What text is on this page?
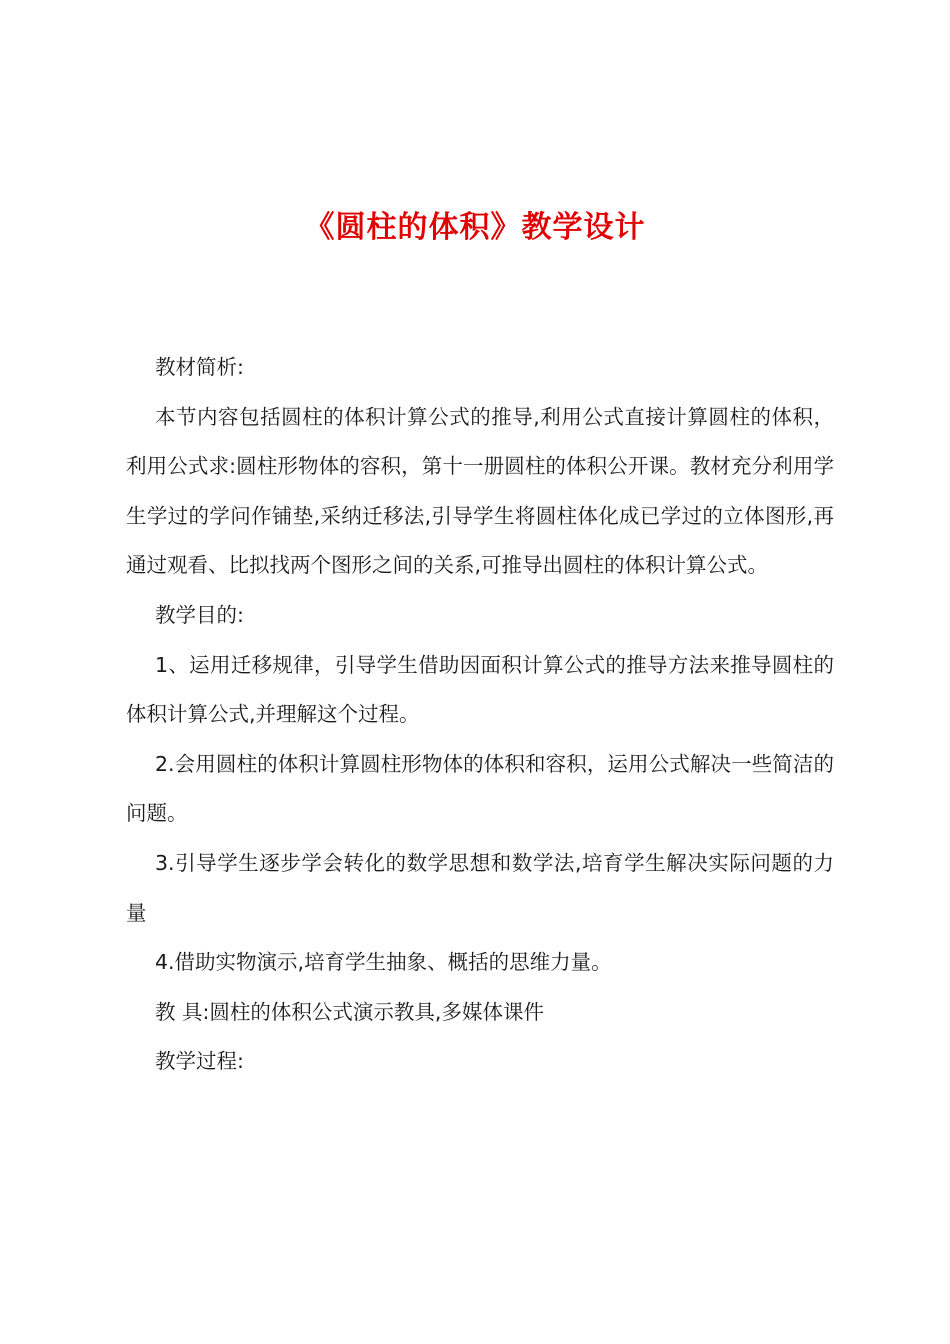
《圆柱的体积》教学设计

教材简析:

本节内容包括圆柱的体积计算公式的推导,利用公式直接计算圆柱的体积，利用公式求:圆柱形物体的容积，第十一册圆柱的体积公开课。教材充分利用学生学过的学问作铺垫,采纳迁移法,引导学生将圆柱体化成已学过的立体图形,再通过观看、比拟找两个图形之间的关系,可推导出圆柱的体积计算公式。

教学目的:

1、运用迁移规律，引导学生借助因面积计算公式的推导方法来推导圆柱的体积计算公式,并理解这个过程。

2.会用圆柱的体积计算圆柱形物体的体积和容积，运用公式解决一些简洁的问题。

3.引导学生逐步学会转化的数学思想和数学法,培育学生解决实际问题的力量

4.借助实物演示,培育学生抽象、概括的思维力量。

教 具:圆柱的体积公式演示教具,多媒体课件

教学过程:
